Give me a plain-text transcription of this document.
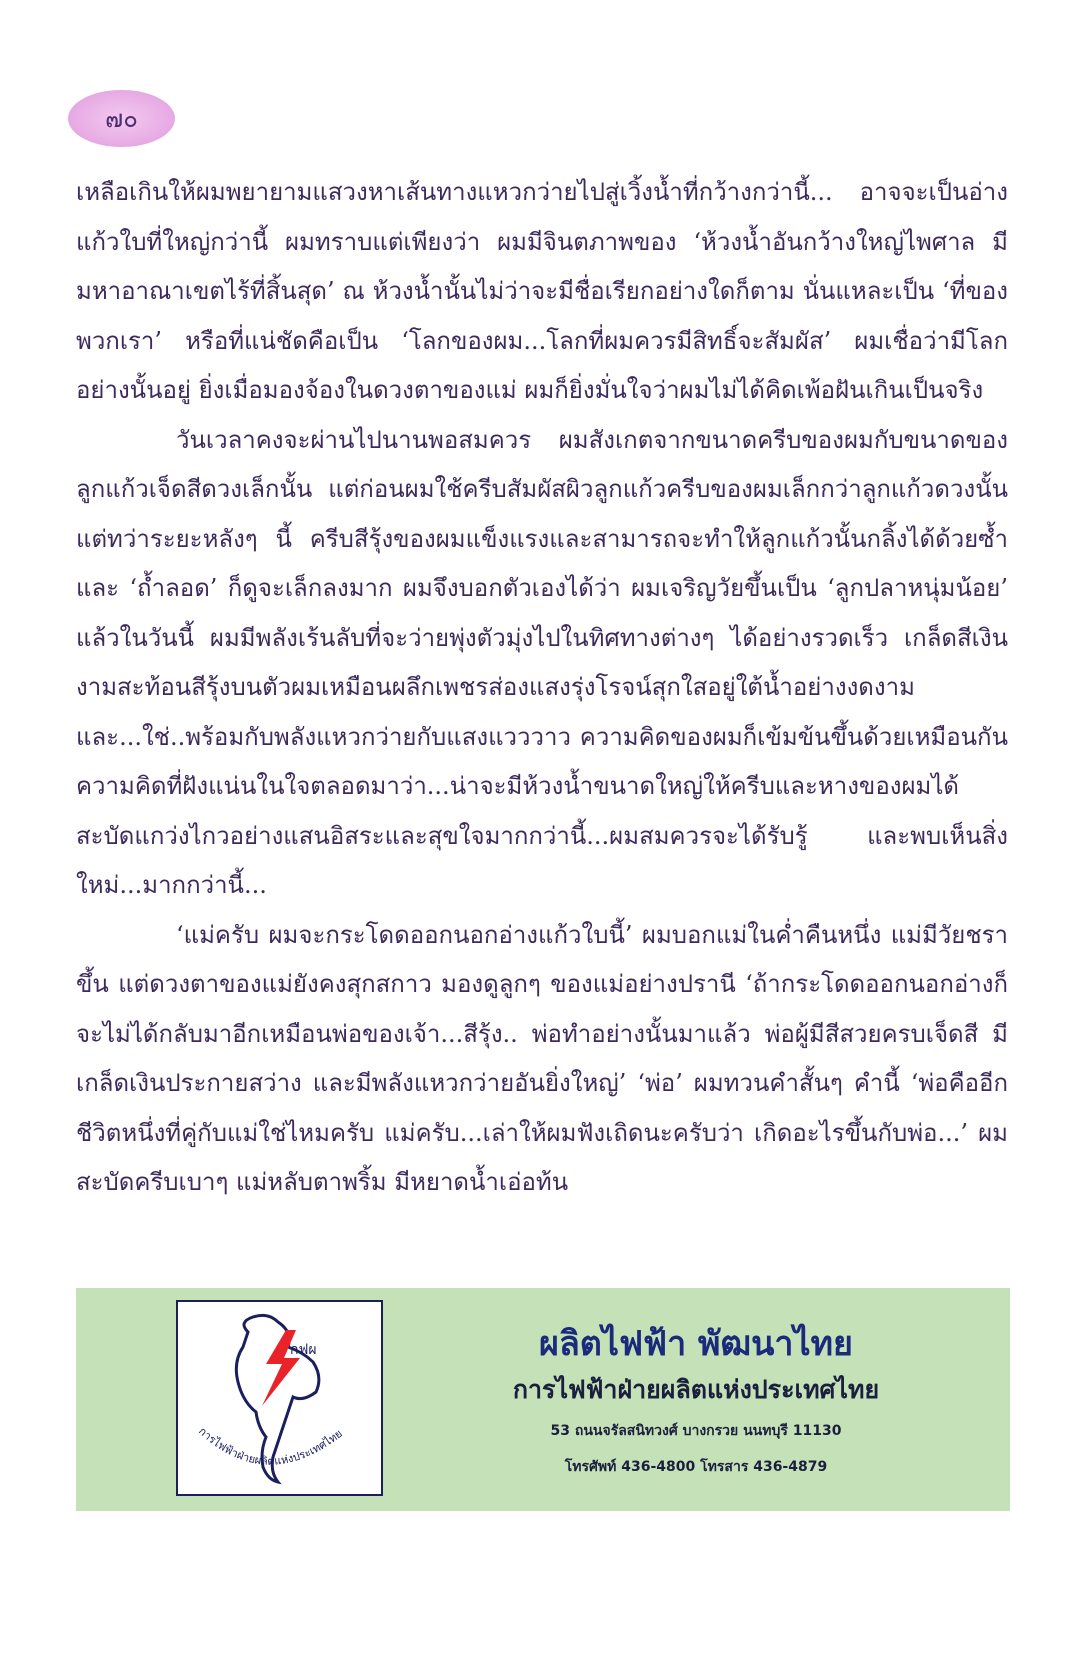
๗๐

เหลือเกินให้ผมพยายามแสวงหาเส้นทางแหวกว่ายไปสู่เวิ้งน้ำที่กว้างกว่านี้... อาจจะเป็นอ่างแก้วใบที่ใหญ่กว่านี้ ผมทราบแต่เพียงว่า ผมมีจินตภาพของ ‘ห้วงน้ำอันกว้างใหญ่ไพศาล มีมหาอาณาเขตไร้ที่สิ้นสุด’ ณ ห้วงน้ำนั้นไม่ว่าจะมีชื่อเรียกอย่างใดก็ตาม นั่นแหละเป็น ‘ที่ของพวกเรา’ หรือที่แน่ชัดคือเป็น ‘โลกของผม...โลกที่ผมควรมีสิทธิ์จะสัมผัส’ ผมเชื่อว่ามีโลกอย่างนั้นอยู่ ยิ่งเมื่อมองจ้องในดวงตาของแม่ ผมก็ยิ่งมั่นใจว่าผมไม่ได้คิดเพ้อฝันเกินเป็นจริง

วันเวลาคงจะผ่านไปนานพอสมควร ผมสังเกตจากขนาดครีบของผมกับขนาดของลูกแก้วเจ็ดสีดวงเล็กนั้น แต่ก่อนผมใช้ครีบสัมผัสผิวลูกแก้วครีบของผมเล็กกว่าลูกแก้วดวงนั้น แต่ทว่าระยะหลังๆ นี้ ครีบสีรุ้งของผมแข็งแรงและสามารถจะทำให้ลูกแก้วนั้นกลิ้งได้ด้วยซ้ำ และ ‘ถ้ำลอด’ ก็ดูจะเล็กลงมาก ผมจึงบอกตัวเองได้ว่า ผมเจริญวัยขึ้นเป็น ‘ลูกปลาหนุ่มน้อย’ แล้วในวันนี้ ผมมีพลังเร้นลับที่จะว่ายพุ่งตัวมุ่งไปในทิศทางต่างๆ ได้อย่างรวดเร็ว เกล็ดสีเงินงามสะท้อนสีรุ้งบนตัวผมเหมือนผลึกเพชรส่องแสงรุ่งโรจน์สุกใสอยู่ใต้น้ำอย่างงดงาม และ...ใช่..พร้อมกับพลังแหวกว่ายกับแสงแวววาว ความคิดของผมก็เข้มข้นขึ้นด้วยเหมือนกัน ความคิดที่ฝังแน่นในใจตลอดมาว่า...น่าจะมีห้วงน้ำขนาดใหญ่ให้ครีบและหางของผมได้สะบัดแกว่งไกวอย่างแสนอิสระและสุขใจมากกว่านี้...ผมสมควรจะได้รับรู้ และพบเห็นสิ่งใหม่...มากกว่านี้...

‘แม่ครับ ผมจะกระโดดออกนอกอ่างแก้วใบนี้’ ผมบอกแม่ในค่ำคืนหนึ่ง แม่มีวัยชราขึ้น แต่ดวงตาของแม่ยังคงสุกสกาว มองดูลูกๆ ของแม่อย่างปรานี ‘ถ้ากระโดดออกนอกอ่างก็จะไม่ได้กลับมาอีกเหมือนพ่อของเจ้า...สีรุ้ง.. พ่อทำอย่างนั้นมาแล้ว พ่อผู้มีสีสวยครบเจ็ดสี มีเกล็ดเงินประกายสว่าง และมีพลังแหวกว่ายอันยิ่งใหญ่’ ‘พ่อ’ ผมทวนคำสั้นๆ คำนี้ ‘พ่อคืออีกชีวิตหนึ่งที่คู่กับแม่ใช่ไหมครับ แม่ครับ...เล่าให้ผมฟังเถิดนะครับว่า เกิดอะไรขึ้นกับพ่อ...’ ผมสะบัดครีบเบาๆ แม่หลับตาพริ้ม มีหยาดน้ำเอ่อท้น

กฟผ
การไฟฟ้าฝ่ายผลิตแห่งประเทศไทย
ผลิตไฟฟ้า พัฒนาไทย
การไฟฟ้าฝ่ายผลิตแห่งประเทศไทย
53 ถนนจรัลสนิทวงศ์ บางกรวย นนทบุรี 11130
โทรศัพท์ 436-4800 โทรสาร 436-4879
